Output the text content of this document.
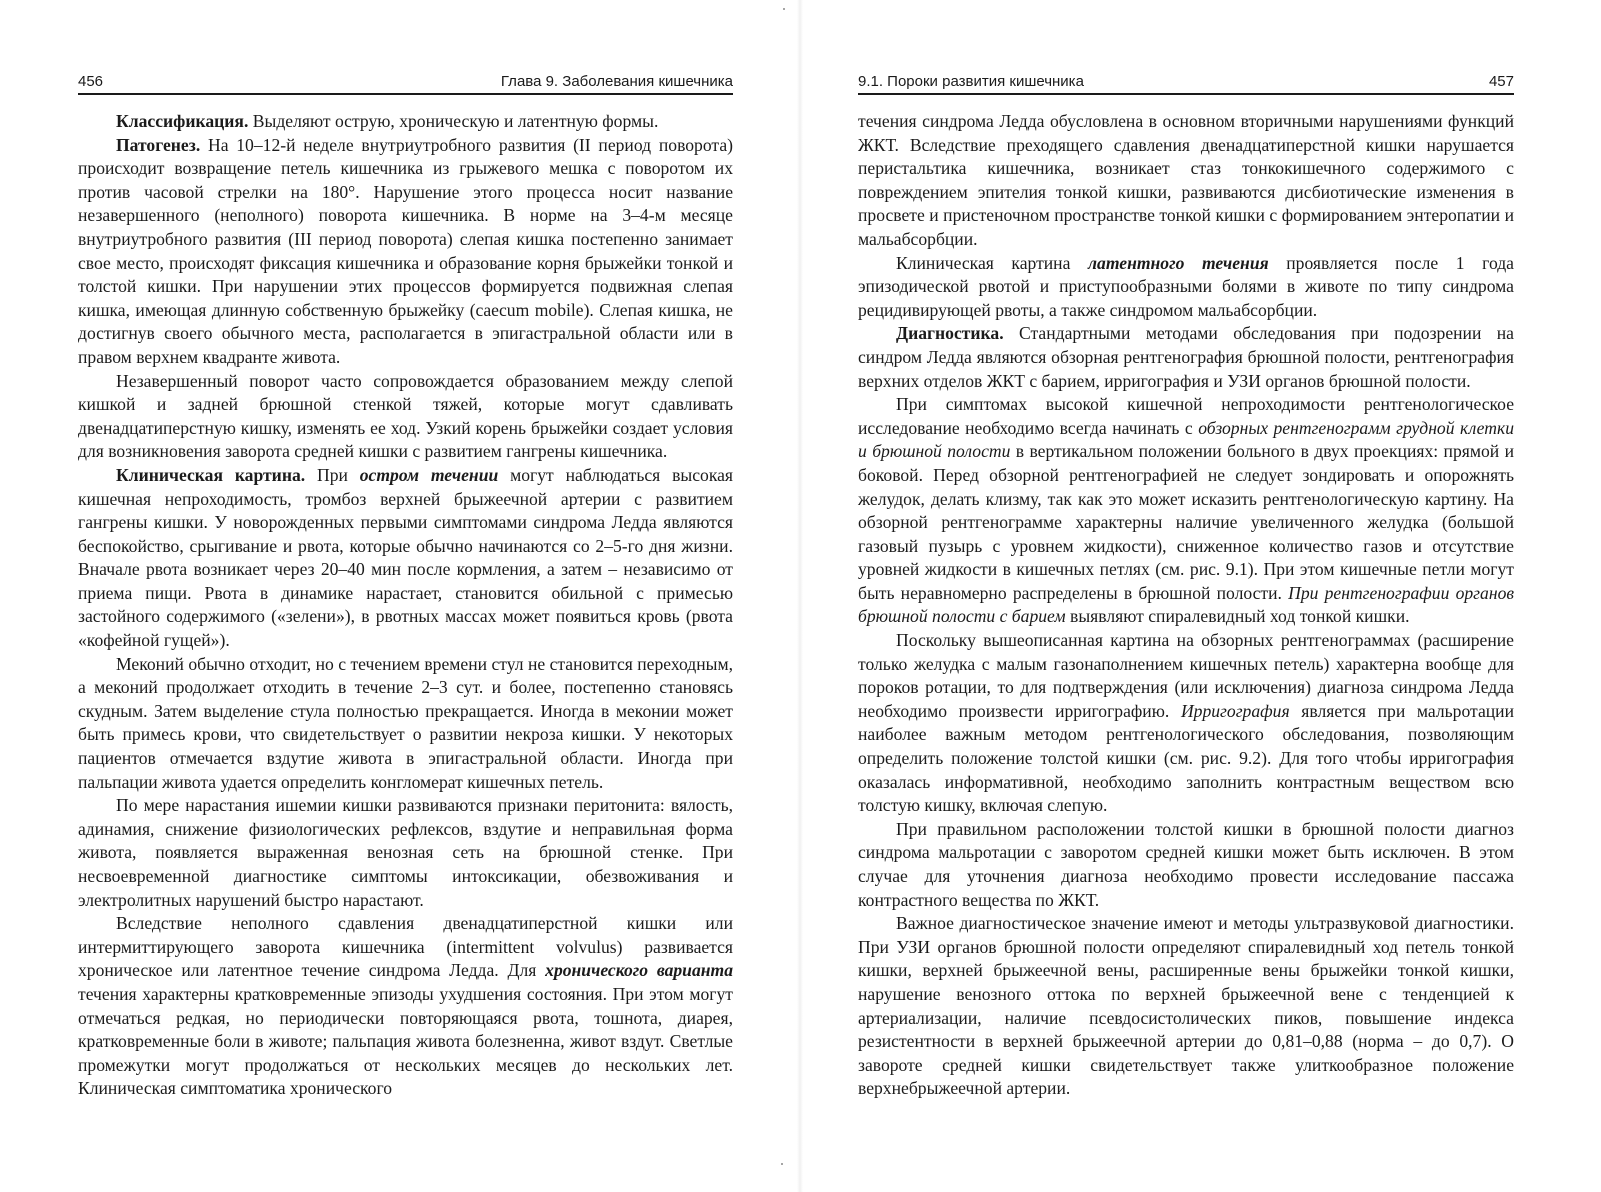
456	Глава 9. Заболевания кишечника

Классификация. Выделяют острую, хроническую и латентную формы.

Патогенез. На 10–12-й неделе внутриутробного развития (II период поворота) происходит возвращение петель кишечника из грыжевого мешка с поворотом их против часовой стрелки на 180°. Нарушение этого процесса носит название незавершенного (неполного) поворота кишечника. В норме на 3–4-м месяце внутриутробного развития (III период поворота) слепая кишка постепенно занимает свое место, происходят фиксация кишечника и образование корня брыжейки тонкой и толстой кишки. При нарушении этих процессов формируется подвижная слепая кишка, имеющая длинную собственную брыжейку (caecum mobile). Слепая кишка, не достигнув своего обычного места, располагается в эпигастральной области или в правом верхнем квадранте живота.

Незавершенный поворот часто сопровождается образованием между слепой кишкой и задней брюшной стенкой тяжей, которые могут сдавливать двенадцатиперстную кишку, изменять ее ход. Узкий корень брыжейки создает условия для возникновения заворота средней кишки с развитием гангрены кишечника.

Клиническая картина. При остром течении могут наблюдаться высокая кишечная непроходимость, тромбоз верхней брыжеечной артерии с развитием гангрены кишки. У новорожденных первыми симптомами синдрома Ледда являются беспокойство, срыгивание и рвота, которые обычно начинаются со 2–5-го дня жизни. Вначале рвота возникает через 20–40 мин после кормления, а затем – независимо от приема пищи. Рвота в динамике нарастает, становится обильной с примесью застойного содержимого («зелени»), в рвотных массах может появиться кровь (рвота «кофейной гущей»).

Меконий обычно отходит, но с течением времени стул не становится переходным, а меконий продолжает отходить в течение 2–3 сут. и более, постепенно становясь скудным. Затем выделение стула полностью прекращается. Иногда в меконии может быть примесь крови, что свидетельствует о развитии некроза кишки. У некоторых пациентов отмечается вздутие живота в эпигастральной области. Иногда при пальпации живота удается определить конгломерат кишечных петель.

По мере нарастания ишемии кишки развиваются признаки перитонита: вялость, адинамия, снижение физиологических рефлексов, вздутие и неправильная форма живота, появляется выраженная венозная сеть на брюшной стенке. При несвоевременной диагностике симптомы интоксикации, обезвоживания и электролитных нарушений быстро нарастают.

Вследствие неполного сдавления двенадцатиперстной кишки или интермиттирующего заворота кишечника (intermittent volvulus) развивается хроническое или латентное течение синдрома Ледда. Для хронического варианта течения характерны кратковременные эпизоды ухудшения состояния. При этом могут отмечаться редкая, но периодически повторяющаяся рвота, тошнота, диарея, кратковременные боли в животе; пальпация живота болезненна, живот вздут. Светлые промежутки могут продолжаться от нескольких месяцев до нескольких лет. Клиническая симптоматика хронического

9.1. Пороки развития кишечника	457

течения синдрома Ледда обусловлена в основном вторичными нарушениями функций ЖКТ. Вследствие преходящего сдавления двенадцатиперстной кишки нарушается перистальтика кишечника, возникает стаз тонкокишечного содержимого с повреждением эпителия тонкой кишки, развиваются дисбиотические изменения в просвете и пристеночном пространстве тонкой кишки с формированием энтеропатии и мальабсорбции.

Клиническая картина латентного течения проявляется после 1 года эпизодической рвотой и приступообразными болями в животе по типу синдрома рецидивирующей рвоты, а также синдромом мальабсорбции.

Диагностика. Стандартными методами обследования при подозрении на синдром Ледда являются обзорная рентгенография брюшной полости, рентгенография верхних отделов ЖКТ с барием, ирригография и УЗИ органов брюшной полости.

При симптомах высокой кишечной непроходимости рентгенологическое исследование необходимо всегда начинать с обзорных рентгенограмм грудной клетки и брюшной полости в вертикальном положении больного в двух проекциях: прямой и боковой. Перед обзорной рентгенографией не следует зондировать и опорожнять желудок, делать клизму, так как это может исказить рентгенологическую картину. На обзорной рентгенограмме характерны наличие увеличенного желудка (большой газовый пузырь с уровнем жидкости), сниженное количество газов и отсутствие уровней жидкости в кишечных петлях (см. рис. 9.1). При этом кишечные петли могут быть неравномерно распределены в брюшной полости. При рентгенографии органов брюшной полости с барием выявляют спиралевидный ход тонкой кишки.

Поскольку вышеописанная картина на обзорных рентгенограммах (расширение только желудка с малым газонаполнением кишечных петель) характерна вообще для пороков ротации, то для подтверждения (или исключения) диагноза синдрома Ледда необходимо произвести ирригографию. Ирригография является при мальротации наиболее важным методом рентгенологического обследования, позволяющим определить положение толстой кишки (см. рис. 9.2). Для того чтобы ирригография оказалась информативной, необходимо заполнить контрастным веществом всю толстую кишку, включая слепую.

При правильном расположении толстой кишки в брюшной полости диагноз синдрома мальротации с заворотом средней кишки может быть исключен. В этом случае для уточнения диагноза необходимо провести исследование пассажа контрастного вещества по ЖКТ.

Важное диагностическое значение имеют и методы ультразвуковой диагностики. При УЗИ органов брюшной полости определяют спиралевидный ход петель тонкой кишки, верхней брыжеечной вены, расширенные вены брыжейки тонкой кишки, нарушение венозного оттока по верхней брыжеечной вене с тенденцией к артериализации, наличие псевдосистолических пиков, повышение индекса резистентности в верхней брыжеечной артерии до 0,81–0,88 (норма – до 0,7). О завороте средней кишки свидетельствует также улиткообразное положение верхнебрыжеечной артерии.
